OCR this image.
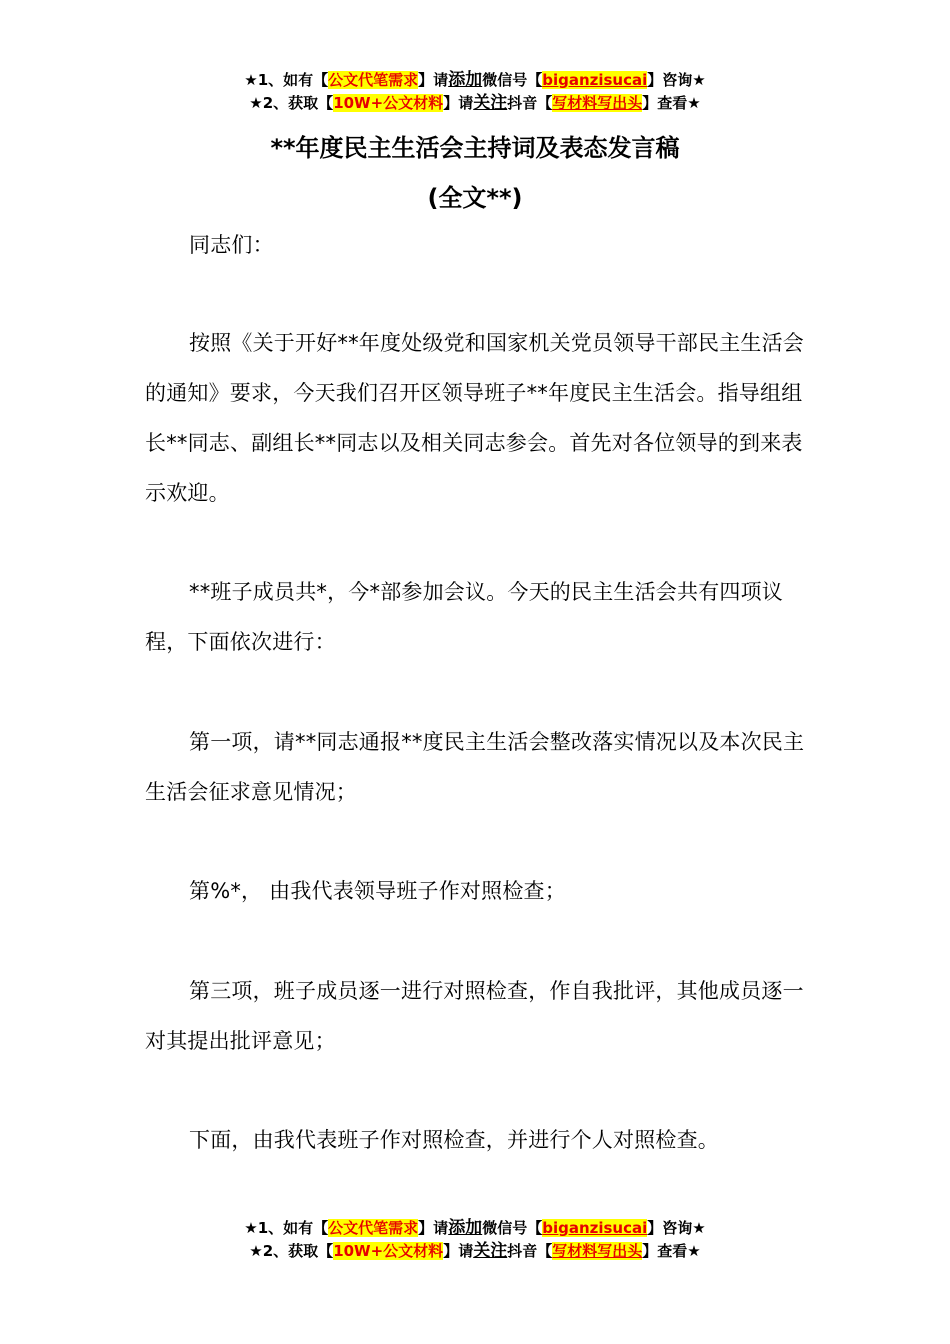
★1、如有【公文代笔需求】请添加微信号【biganzisucai】咨询★
★2、获取【10W+公文材料】请关注抖音【写材料写出头】查看★
**年度民主生活会主持词及表态发言稿
(全文**)
同志们：
按照《关于开好**年度处级党和国家机关党员领导干部民主生活会的通知》要求，今天我们召开区领导班子**年度民主生活会。指导组组长**同志、副组长**同志以及相关同志参会。首先对各位领导的到来表示欢迎。
**班子成员共*，今*部参加会议。今天的民主生活会共有四项议程，下面依次进行：
第一项，请**同志通报**度民主生活会整改落实情况以及本次民主生活会征求意见情况；
第%*， 由我代表领导班子作对照检查；
第三项，班子成员逐一进行对照检查，作自我批评，其他成员逐一对其提出批评意见；
下面，由我代表班子作对照检查，并进行个人对照检查。
★1、如有【公文代笔需求】请添加微信号【biganzisucai】咨询★
★2、获取【10W+公文材料】请关注抖音【写材料写出头】查看★
